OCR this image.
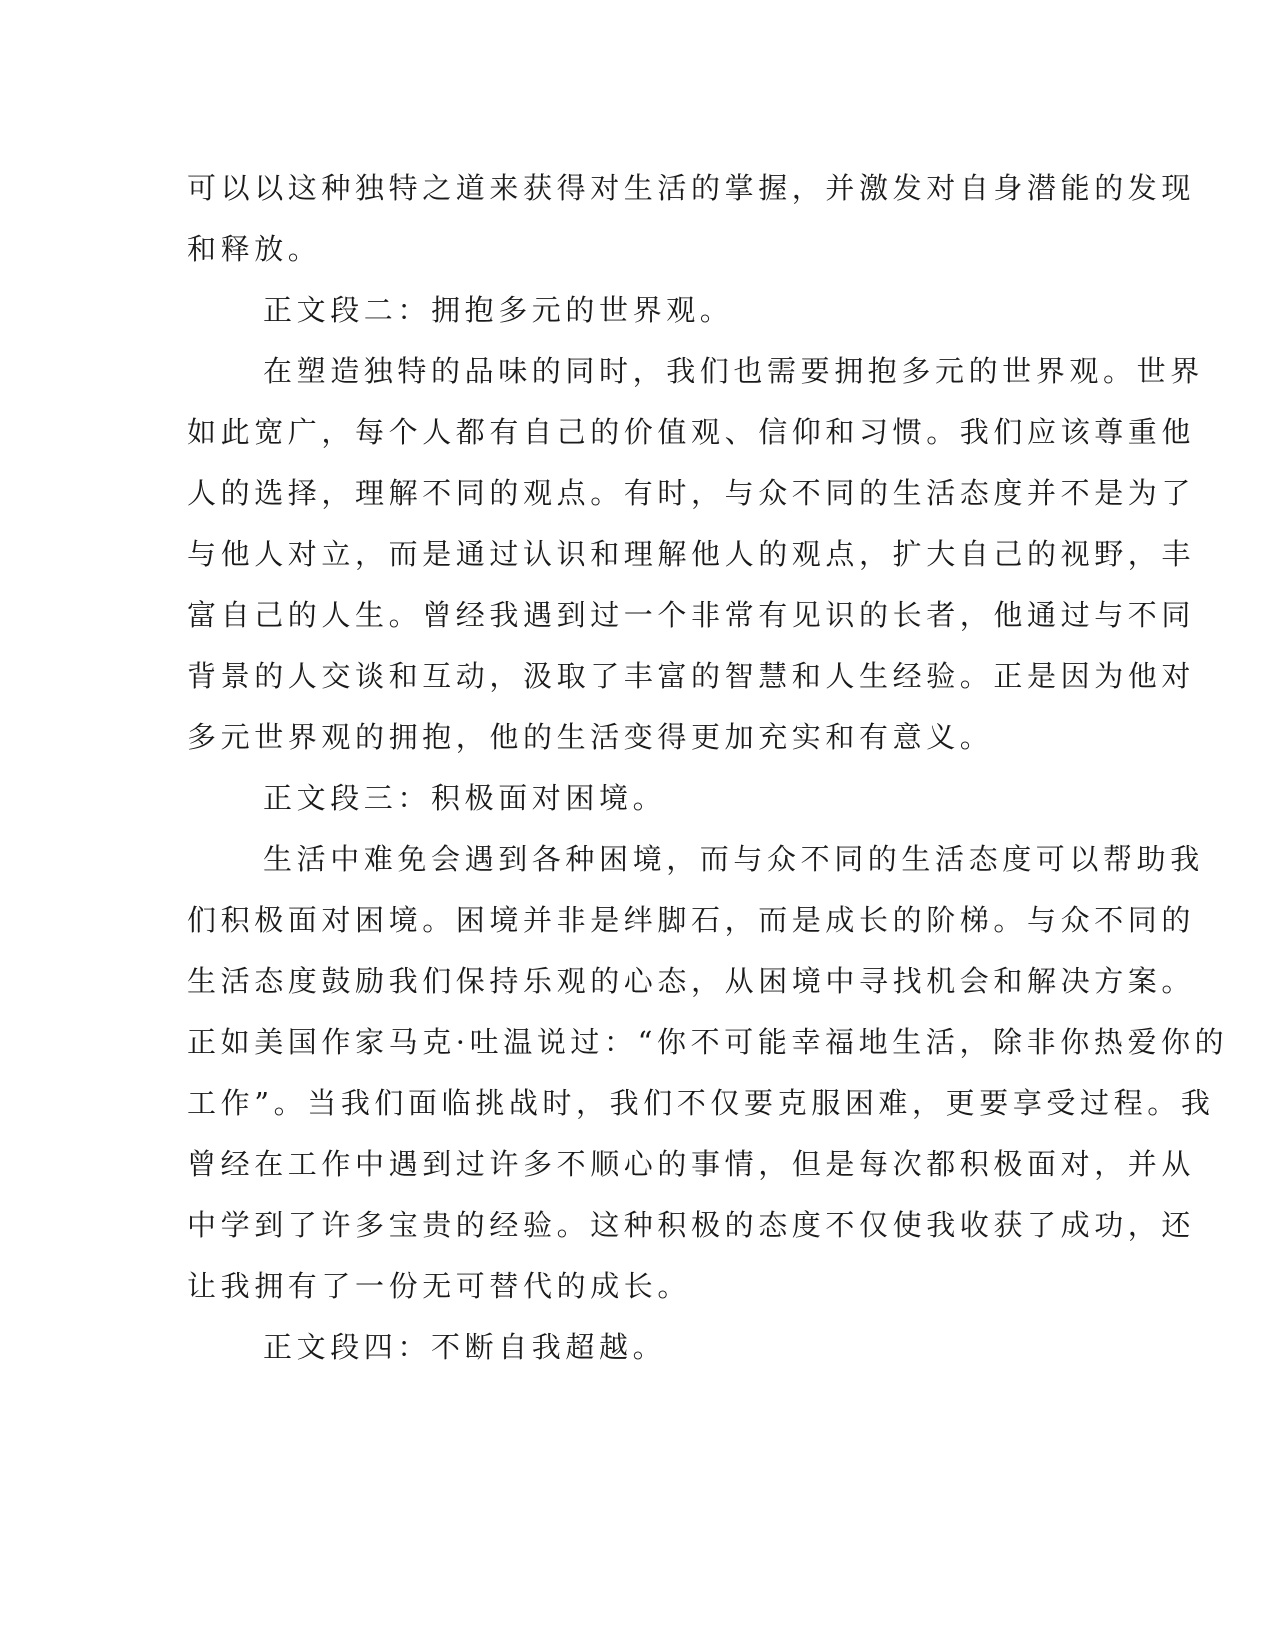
可以以这种独特之道来获得对生活的掌握，并激发对自身潜能的发现
和释放。
正文段二：拥抱多元的世界观。
在塑造独特的品味的同时，我们也需要拥抱多元的世界观。世界
如此宽广，每个人都有自己的价值观、信仰和习惯。我们应该尊重他
人的选择，理解不同的观点。有时，与众不同的生活态度并不是为了
与他人对立，而是通过认识和理解他人的观点，扩大自己的视野，丰
富自己的人生。曾经我遇到过一个非常有见识的长者，他通过与不同
背景的人交谈和互动，汲取了丰富的智慧和人生经验。正是因为他对
多元世界观的拥抱，他的生活变得更加充实和有意义。
正文段三：积极面对困境。
生活中难免会遇到各种困境，而与众不同的生活态度可以帮助我
们积极面对困境。困境并非是绊脚石，而是成长的阶梯。与众不同的
生活态度鼓励我们保持乐观的心态，从困境中寻找机会和解决方案。
正如美国作家马克·吐温说过：“你不可能幸福地生活，除非你热爱你的
工作”。当我们面临挑战时，我们不仅要克服困难，更要享受过程。我
曾经在工作中遇到过许多不顺心的事情，但是每次都积极面对，并从
中学到了许多宝贵的经验。这种积极的态度不仅使我收获了成功，还
让我拥有了一份无可替代的成长。
正文段四：不断自我超越。
